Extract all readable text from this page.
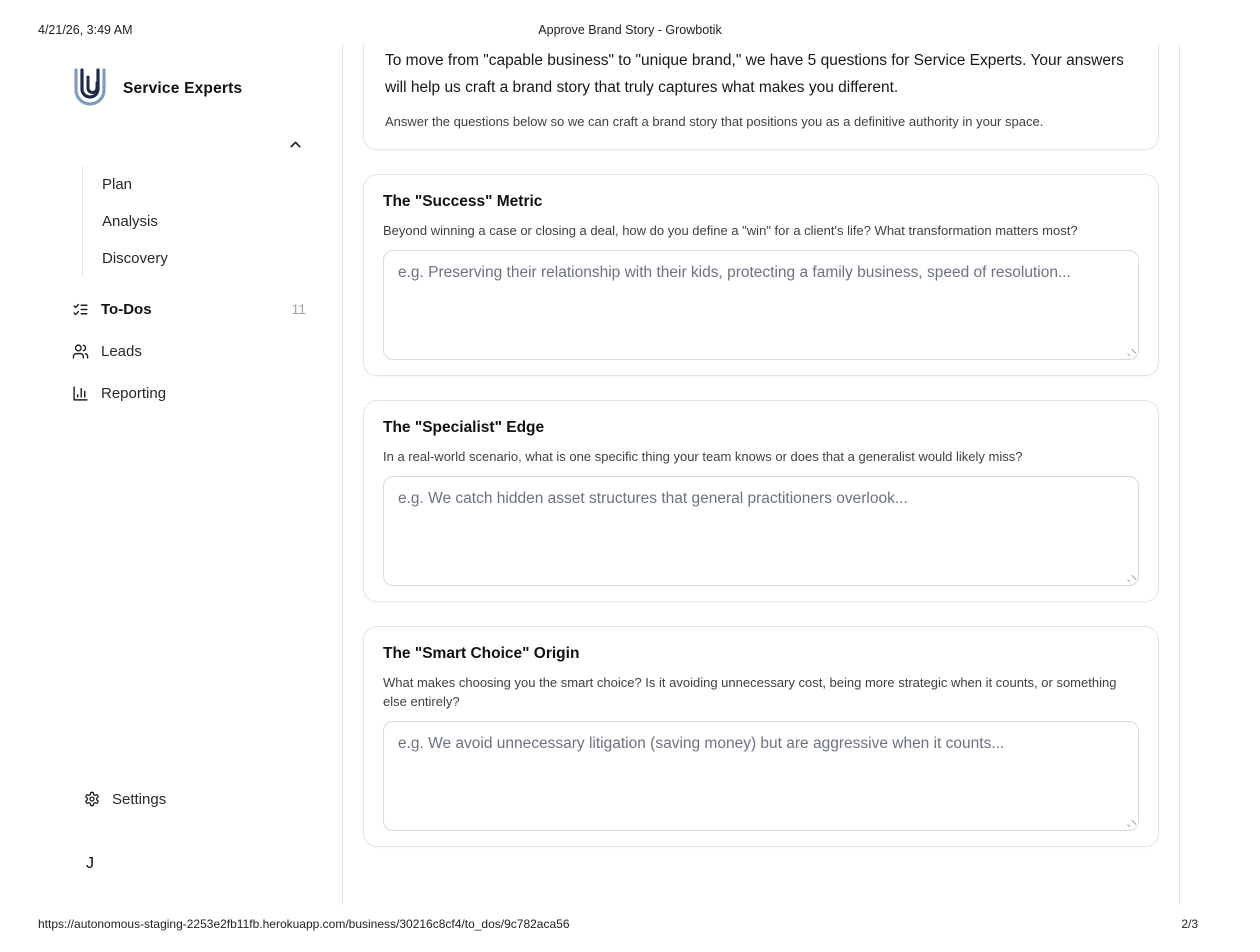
4/21/26, 3:49 AM	Approve Brand Story - Growbotik
Service Experts
Plan
Analysis
Discovery
To-Dos	11
Leads
Reporting
Settings
J

To move from "capable business" to "unique brand," we have 5 questions for Service Experts. Your answers will help us craft a brand story that truly captures what makes you different.

Answer the questions below so we can craft a brand story that positions you as a definitive authority in your space.

The "Success" Metric
Beyond winning a case or closing a deal, how do you define a "win" for a client's life? What transformation matters most?
e.g. Preserving their relationship with their kids, protecting a family business, speed of resolution...
The "Specialist" Edge
In a real-world scenario, what is one specific thing your team knows or does that a generalist would likely miss?
e.g. We catch hidden asset structures that general practitioners overlook...
The "Smart Choice" Origin
What makes choosing you the smart choice? Is it avoiding unnecessary cost, being more strategic when it counts, or something else entirely?
e.g. We avoid unnecessary litigation (saving money) but are aggressive when it counts...
https://autonomous-staging-2253e2fb11fb.herokuapp.com/business/30216c8cf4/to_dos/9c782aca56	2/3
